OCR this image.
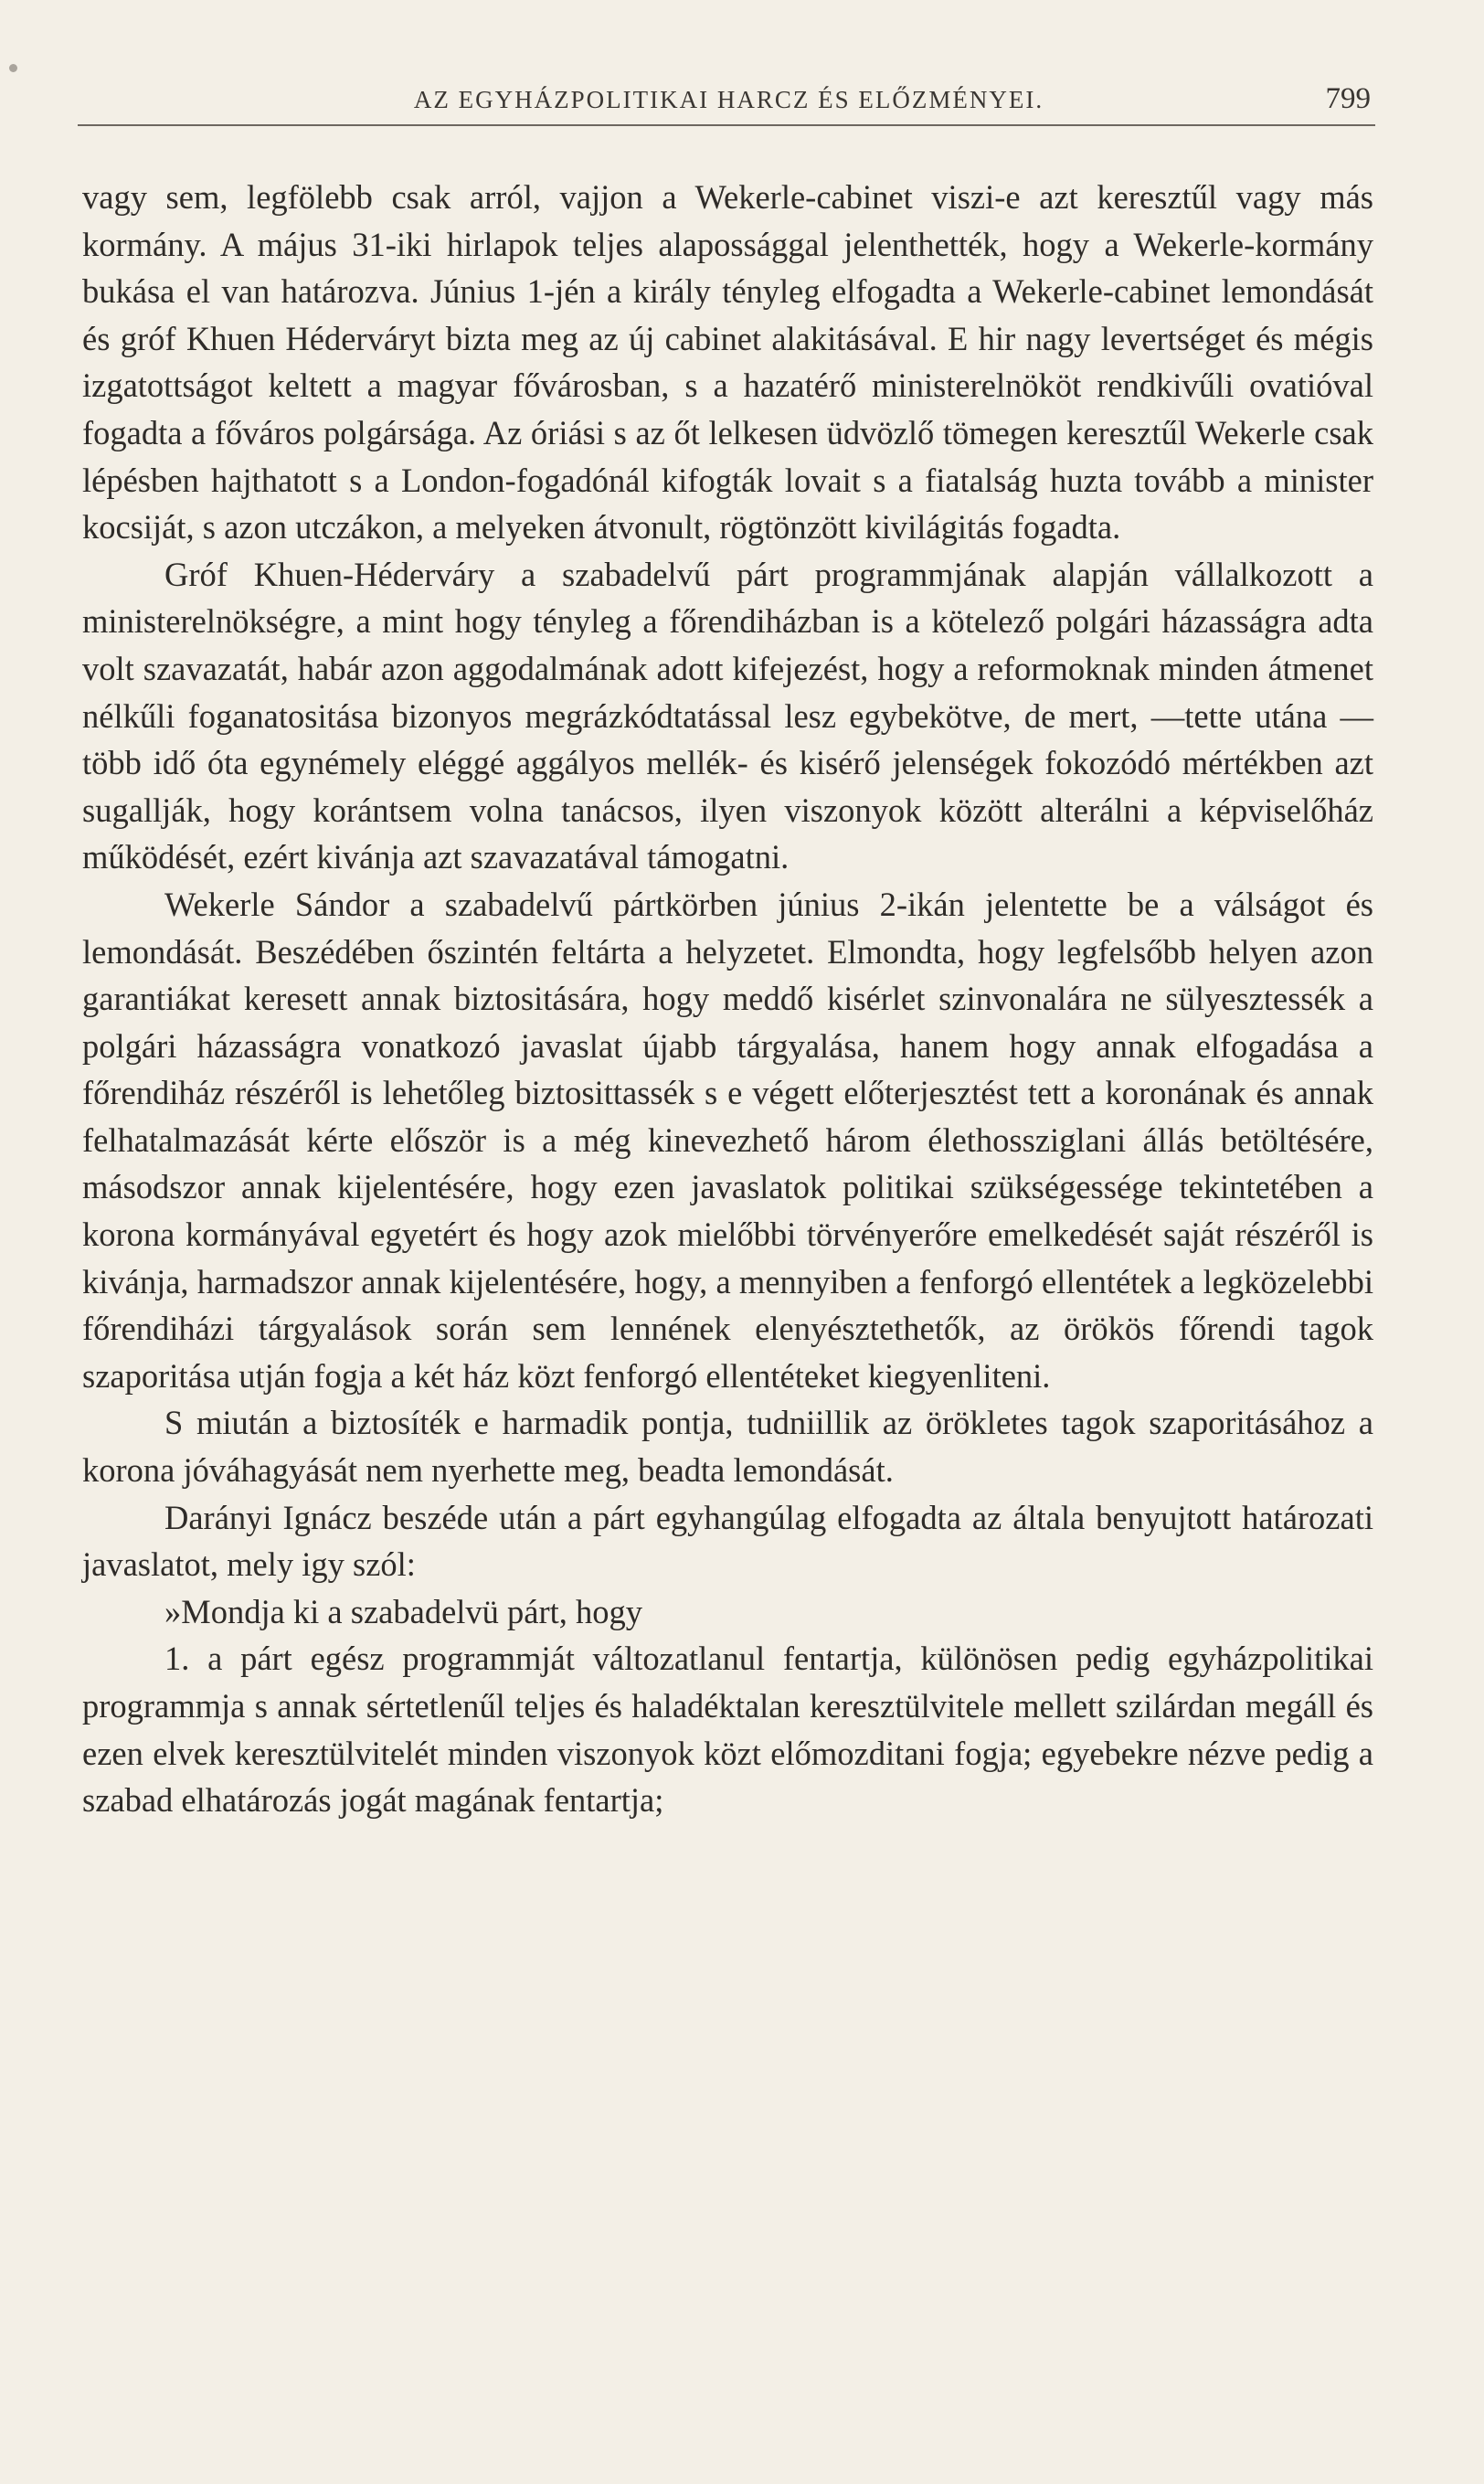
AZ EGYHÁZPOLITIKAI HARCZ ÉS ELŐZMÉNYEI.	799

vagy sem, legfölebb csak arról, vajjon a Wekerle-cabinet viszi-e azt keresztűl vagy más kormány. A május 31-iki hirlapok teljes alapossággal jelenthették, hogy a Wekerle-kormány bukása el van határozva. Június 1-jén a király tényleg elfogadta a Wekerle-cabinet lemondását és gróf Khuen Héderváryt bizta meg az új cabinet alakitásával. E hir nagy levertséget és mégis izgatottságot keltett a magyar fővárosban, s a hazatérő ministerelnököt rendkivűli ovatióval fogadta a főváros polgársága. Az óriási s az őt lelkesen üdvözlő tömegen keresztűl Wekerle csak lépésben hajthatott s a London-fogadónál kifogták lovait s a fiatalság huzta tovább a minister kocsiját, s azon utczákon, a melyeken átvonult, rögtönzött kivilágitás fogadta.

Gróf Khuen-Héderváry a szabadelvű párt programmjának alapján vállalkozott a ministerelnökségre, a mint hogy tényleg a főrendiházban is a kötelező polgári házasságra adta volt szavazatát, habár azon aggodalmának adott kifejezést, hogy a reformoknak minden átmenet nélkűli foganatositása bizonyos megrázkódtatással lesz egybekötve, de mert, —tette utána —több idő óta egynémely eléggé aggályos mellék- és kisérő jelenségek fokozódó mértékben azt sugallják, hogy korántsem volna tanácsos, ilyen viszonyok között alterálni a képviselőház működését, ezért kivánja azt szavazatával támogatni.

Wekerle Sándor a szabadelvű pártkörben június 2-ikán jelentette be a válságot és lemondását. Beszédében őszintén feltárta a helyzetet. Elmondta, hogy legfelsőbb helyen azon garantiákat keresett annak biztositására, hogy meddő kisérlet szinvonalára ne sülyesztessék a polgári házasságra vonatkozó javaslat újabb tárgyalása, hanem hogy annak elfogadása a főrendiház részéről is lehetőleg biztosittassék s e végett előterjesztést tett a koronának és annak felhatalmazását kérte először is a még kinevezhető három élethossziglani állás betöltésére, másodszor annak kijelentésére, hogy ezen javaslatok politikai szükségessége tekintetében a korona kormányával egyetért és hogy azok mielőbbi törvényerőre emelkedését saját részéről is kivánja, harmadszor annak kijelentésére, hogy, a mennyiben a fenforgó ellentétek a legközelebbi főrendiházi tárgyalások során sem lennének elenyésztethetők, az örökös főrendi tagok szaporitása utján fogja a két ház közt fenforgó ellentéteket kiegyenliteni.

S miután a biztosíték e harmadik pontja, tudniillik az örökletes tagok szaporitásához a korona jóváhagyását nem nyerhette meg, beadta lemondását.

Darányi Ignácz beszéde után a párt egyhangúlag elfogadta az általa benyujtott határozati javaslatot, mely igy szól:

»Mondja ki a szabadelvü párt, hogy

1. a párt egész programmját változatlanul fentartja, különösen pedig egyházpolitikai programmja s annak sértetlenűl teljes és haladéktalan keresztülvitele mellett szilárdan megáll és ezen elvek keresztülvitelét minden viszonyok közt előmozditani fogja; egyebekre nézve pedig a szabad elhatározás jogát magának fentartja;
